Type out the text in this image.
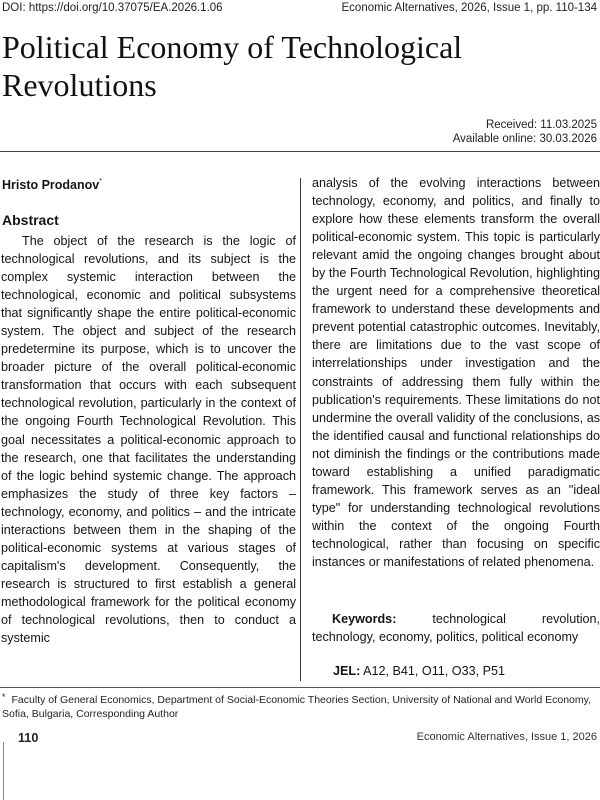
DOI: https://doi.org/10.37075/EA.2026.1.06	Economic Alternatives, 2026, Issue 1, pp. 110-134
Political Economy of Technological Revolutions
Received: 11.03.2025
Available online: 30.03.2026
Hristo Prodanov*
Abstract

The object of the research is the logic of technological revolutions, and its subject is the complex systemic interaction between the technological, economic and political subsystems that significantly shape the entire political-economic system. The object and subject of the research predetermine its purpose, which is to uncover the broader picture of the overall political-economic transformation that occurs with each subsequent technological revolution, particularly in the context of the ongoing Fourth Technological Revolution. This goal necessitates a political-economic approach to the research, one that facilitates the understanding of the logic behind systemic change. The approach emphasizes the study of three key factors – technology, economy, and politics – and the intricate interactions between them in the shaping of the political-economic systems at various stages of capitalism's development. Consequently, the research is structured to first establish a general methodological framework for the political economy of technological revolutions, then to conduct a systemic

analysis of the evolving interactions between technology, economy, and politics, and finally to explore how these elements transform the overall political-economic system. This topic is particularly relevant amid the ongoing changes brought about by the Fourth Technological Revolution, highlighting the urgent need for a comprehensive theoretical framework to understand these developments and prevent potential catastrophic outcomes. Inevitably, there are limitations due to the vast scope of interrelationships under investigation and the constraints of addressing them fully within the publication's requirements. These limitations do not undermine the overall validity of the conclusions, as the identified causal and functional relationships do not diminish the findings or the contributions made toward establishing a unified paradigmatic framework. This framework serves as an "ideal type" for understanding technological revolutions within the context of the ongoing Fourth technological, rather than focusing on specific instances or manifestations of related phenomena.

Keywords:	technological revolution, technology, economy, politics, political economy
JEL: A12, B41, O11, O33, P51
* Faculty of General Economics, Department of Social-Economic Theories Section, University of National and World Economy, Sofia, Bulgaria, Corresponding Author
110	Economic Alternatives, Issue 1, 2026
